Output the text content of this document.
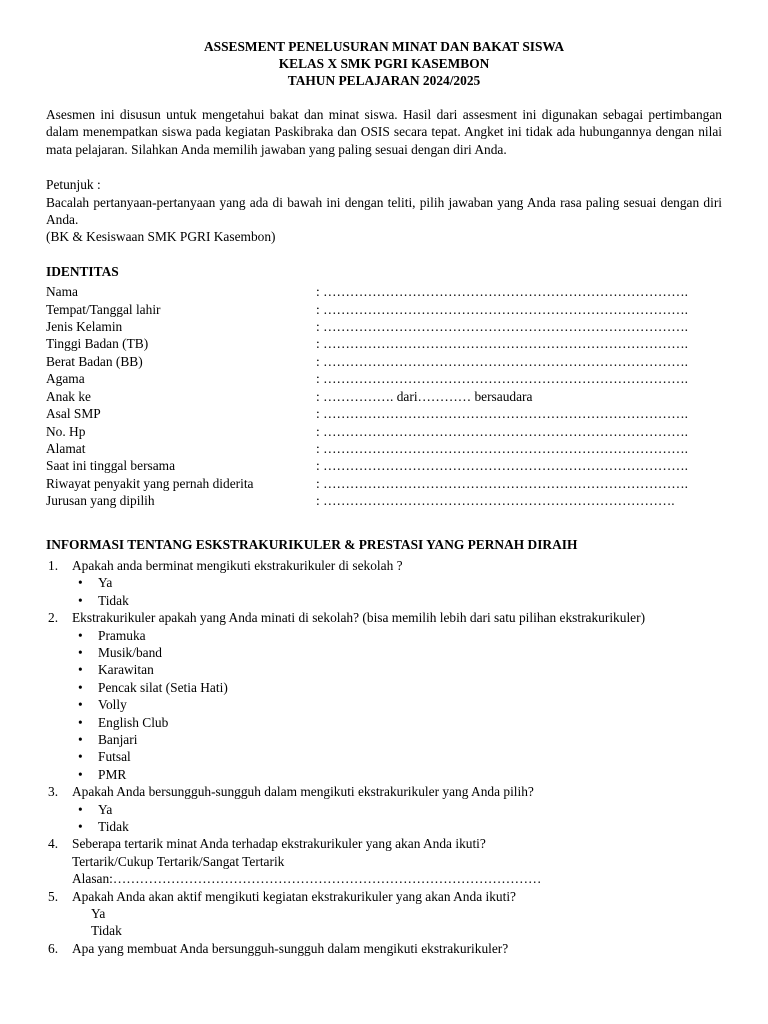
ASSESMENT PENELUSURAN MINAT DAN BAKAT SISWA
KELAS X SMK PGRI KASEMBON
TAHUN PELAJARAN 2024/2025

Asesmen ini disusun untuk mengetahui bakat dan minat siswa. Hasil dari assesment ini digunakan sebagai pertimbangan dalam menempatkan siswa pada kegiatan Paskibraka dan OSIS secara tepat. Angket ini tidak ada hubungannya dengan nilai mata pelajaran. Silahkan Anda memilih jawaban yang paling sesuai dengan diri Anda.

Petunjuk :

Bacalah pertanyaan-pertanyaan yang ada di bawah ini dengan teliti, pilih jawaban yang Anda rasa paling sesuai dengan diri Anda.

(BK & Kesiswaan SMK PGRI Kasembon)
IDENTITAS
Nama	: ……………………………………………………………………….
Tempat/Tanggal lahir	: ……………………………………………………………………….
Jenis Kelamin	: ……………………………………………………………………….
Tinggi Badan (TB)	: ……………………………………………………………………….
Berat Badan (BB)	: ……………………………………………………………………….
Agama	: ……………………………………………………………………….
Anak ke	: ……………. dari………… bersaudara
Asal SMP	: ……………………………………………………………………….
No. Hp	: ……………………………………………………………………….
Alamat	: ……………………………………………………………………….
Saat ini tinggal bersama	: ……………………………………………………………………….
Riwayat penyakit yang pernah diderita	: ……………………………………………………………………….
Jurusan yang dipilih	: …………………………………………………………………….
INFORMASI TENTANG ESKSTRAKURIKULER & PRESTASI YANG PERNAH DIRAIH
1. Apakah anda berminat mengikuti ekstrakurikuler di sekolah ?
• Ya
• Tidak
2. Ekstrakurikuler apakah yang Anda minati di sekolah? (bisa memilih lebih dari satu pilihan ekstrakurikuler)
• Pramuka
• Musik/band
• Karawitan
• Pencak silat (Setia Hati)
• Volly
• English Club
• Banjari
• Futsal
• PMR
3. Apakah Anda bersungguh-sungguh dalam mengikuti ekstrakurikuler yang Anda pilih?
• Ya
• Tidak
4. Seberapa tertarik minat Anda terhadap ekstrakurikuler yang akan Anda ikuti?
Tertarik/Cukup Tertarik/Sangat Tertarik
Alasan:……………………………………………………………………………………
5. Apakah Anda akan aktif mengikuti kegiatan ekstrakurikuler yang akan Anda ikuti?
Ya
Tidak
6. Apa yang membuat Anda bersungguh-sungguh dalam mengikuti ekstrakurikuler?
